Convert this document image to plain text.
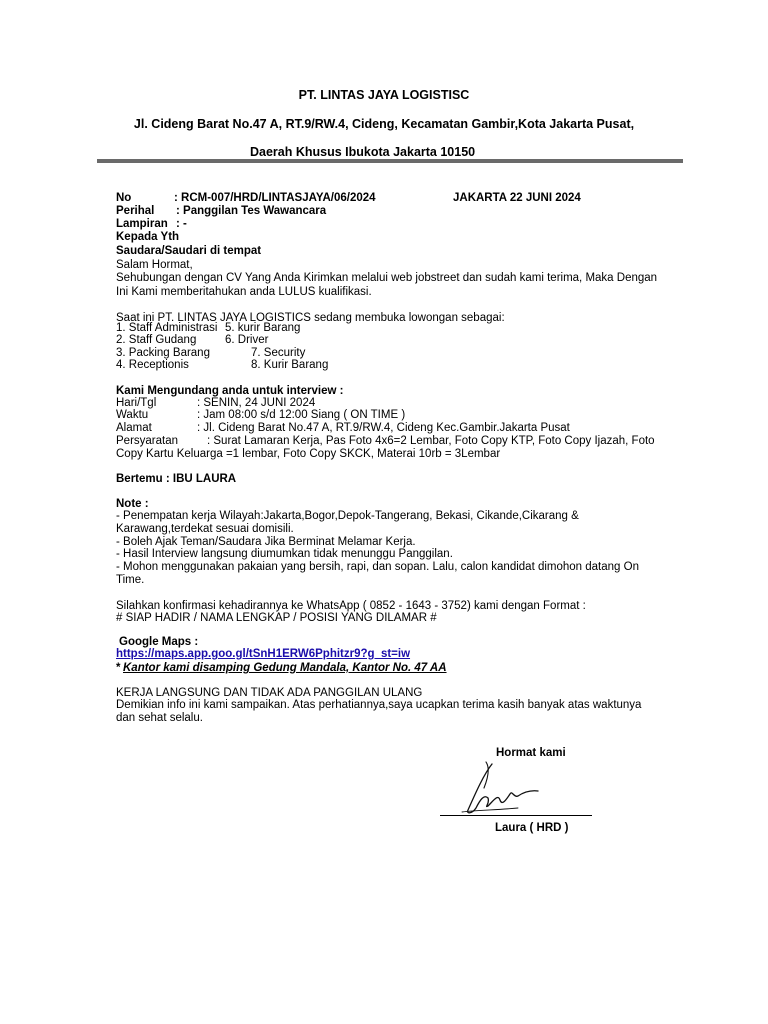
PT. LINTAS JAYA LOGISTISC
Jl. Cideng Barat No.47 A, RT.9/RW.4, Cideng, Kecamatan Gambir,Kota Jakarta Pusat,
Daerah Khusus Ibukota Jakarta 10150
No	: RCM-007/HRD/LINTASJAYA/06/2024	JAKARTA 22 JUNI 2024
Perihal : Panggilan Tes Wawancara
Lampiran : -
Kepada Yth
Saudara/Saudari di tempat
Salam Hormat,
Sehubungan dengan CV Yang Anda Kirimkan melalui web jobstreet dan sudah kami terima, Maka Dengan
Ini Kami memberitahukan anda LULUS kualifikasi.
Saat ini PT. LINTAS JAYA LOGISTICS sedang membuka lowongan sebagai:
1. Staff Administrasi 5. kurir Barang
2. Staff Gudang 6. Driver
3. Packing Barang	7. Security
4. Receptionis	8. Kurir Barang
Kami Mengundang anda untuk interview :
Hari/Tgl	: SENIN, 24 JUNI 2024
Waktu	: Jam 08:00 s/d 12:00 Siang ( ON TIME )
Alamat	: Jl. Cideng Barat No.47 A, RT.9/RW.4, Cideng Kec.Gambir.Jakarta Pusat
Persyaratan	: Surat Lamaran Kerja, Pas Foto 4x6=2 Lembar, Foto Copy KTP, Foto Copy Ijazah, Foto
Copy Kartu Keluarga =1 lembar, Foto Copy SKCK, Materai 10rb = 3Lembar
Bertemu : IBU LAURA
Note :
- Penempatan kerja Wilayah:Jakarta,Bogor,Depok-Tangerang, Bekasi, Cikande,Cikarang &
Karawang,terdekat sesuai domisili.
- Boleh Ajak Teman/Saudara Jika Berminat Melamar Kerja.
- Hasil Interview langsung diumumkan tidak menunggu Panggilan.
- Mohon menggunakan pakaian yang bersih, rapi, dan sopan. Lalu, calon kandidat dimohon datang On
Time.
Silahkan konfirmasi kehadirannya ke WhatsApp ( 0852 - 1643 - 3752) kami dengan Format :
# SIAP HADIR / NAMA LENGKAP / POSISI YANG DILAMAR #
Google Maps :
https://maps.app.goo.gl/tSnH1ERW6Pphitzr9?g_st=iw
* Kantor kami disamping Gedung Mandala, Kantor No. 47 AA
KERJA LANGSUNG DAN TIDAK ADA PANGGILAN ULANG
Demikian info ini kami sampaikan. Atas perhatiannya,saya ucapkan terima kasih banyak atas waktunya
dan sehat selalu.
Hormat kami
Laura ( HRD )
